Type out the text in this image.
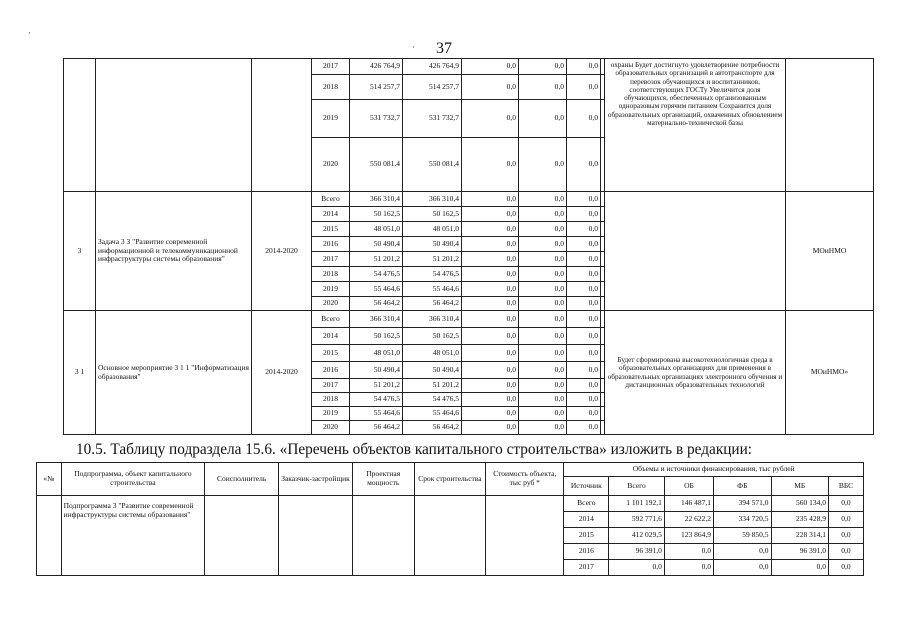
37
			2017	426 764,9	426 764,9	0,0	0,0	0,0		охраны Будет достигнуто удовлетворение потребности образовательных организаций в автотранспорте для перевозок обучающихся и воспитанников, соответствующих ГОСТу Увеличится доля обучающихся, обеспеченных организованным одноразовым горячим питанием Сохранится доля образовательных организаций, охваченных обновлением материально-технической базы	
			2018	514 257,7	514 257,7	0,0	0,0	0,0			
			2019	531 732,7	531 732,7	0,0	0,0	0,0			
			2020	550 081,4	550 081,4	0,0	0,0	0,0			
3	Задача 3 3 "Развитие современной информационной и телекоммуникационной инфраструктуры системы образования"	2014-2020	Всего	366 310,4	366 310,4	0,0	0,0	0,0			МОиНМО
			2014	50 162,5	50 162,5	0,0	0,0	0,0			
			2015	48 051,0	48 051,0	0,0	0,0	0,0			
			2016	50 490,4	50 490,4	0,0	0,0	0,0			
			2017	51 201,2	51 201,2	0,0	0,0	0,0			
			2018	54 476,5	54 476,5	0,0	0,0	0,0			
			2019	55 464,6	55 464,6	0,0	0,0	0,0			
			2020	56 464,2	56 464,2	0,0	0,0	0,0			
3 1	Основное мероприятие 3 1 1 "Информатизация образования"	2014-2020	Всего	366 310,4	366 310,4	0,0	0,0	0,0		Будет сформирована высокотехнологичная среда в образовательных организациях для применения в образовательных организациях электронного обучения и дистанционных образовательных технологий	МОиНМО»
			2014	50 162,5	50 162,5	0,0	0,0	0,0			
			2015	48 051,0	48 051,0	0,0	0,0	0,0			
			2016	50 490,4	50 490,4	0,0	0,0	0,0			
			2017	51 201,2	51 201,2	0,0	0,0	0,0			
			2018	54 476,5	54 476,5	0,0	0,0	0,0			
			2019	55 464,6	55 464,6	0,0	0,0	0,0			
			2020	56 464,2	56 464,2	0,0	0,0	0,0			
10.5. Таблицу подраздела 15.6. «Перечень объектов капитального строительства» изложить в редакции:
«№	Подпрограмма, объект капитального строительства	Соисполнитель	Заказчик-застройщик	Проектная мощность	Срок строительства	Стоимость объекта, тыс руб *	Объемы и источники финансирования, тыс рублей					
							Источник	Всего	ОБ	ФБ	МБ	ВБС
	Подпрограмма 3 "Развитие современной инфраструктуры системы образования"						Всего	1 101 192,1	146 487,1	394 571,0	560 134,0	0,0
							2014	592 771,6	22 622,2	334 720,5	235 428,9	0,0
							2015	412 029,5	123 864,9	59 850,5	228 314,1	0,0
							2016	96 391,0	0,0	0,0	96 391,0	0,0
							2017	0,0	0,0	0,0	0,0	0,0
·
·
